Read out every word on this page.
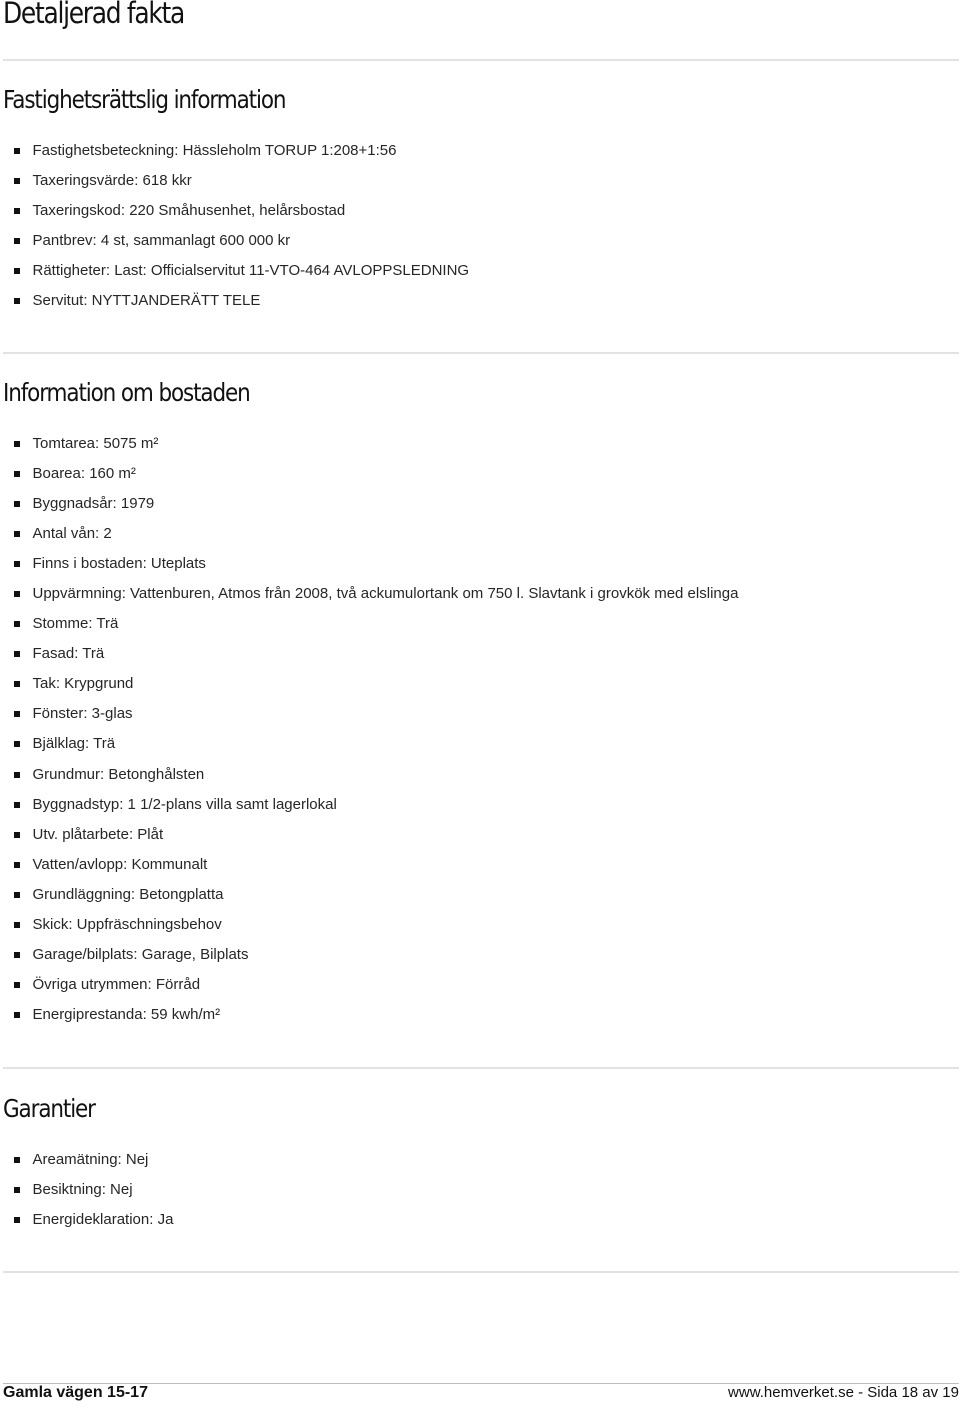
Detaljerad fakta
Fastighetsrättslig information
Fastighetsbeteckning: Hässleholm TORUP 1:208+1:56
Taxeringsvärde: 618 kkr
Taxeringskod: 220 Småhusenhet, helårsbostad
Pantbrev: 4 st, sammanlagt 600 000 kr
Rättigheter: Last: Officialservitut 11-VTO-464 AVLOPPSLEDNING
Servitut: NYTTJANDERÄTT TELE
Information om bostaden
Tomtarea: 5075 m²
Boarea: 160 m²
Byggnadsår: 1979
Antal vån: 2
Finns i bostaden: Uteplats
Uppvärmning: Vattenburen, Atmos från 2008, två ackumulortank om 750 l. Slavtank i grovkök med elslinga
Stomme: Trä
Fasad: Trä
Tak: Krypgrund
Fönster: 3-glas
Bjälklag: Trä
Grundmur: Betonghålsten
Byggnadstyp: 1 1/2-plans villa samt lagerlokal
Utv. plåtarbete: Plåt
Vatten/avlopp: Kommunalt
Grundläggning: Betongplatta
Skick: Uppfräschningsbehov
Garage/bilplats: Garage, Bilplats
Övriga utrymmen: Förråd
Energiprestanda: 59 kwh/m²
Garantier
Areamätning: Nej
Besiktning: Nej
Energideklaration: Ja
Gamla vägen 15-17	www.hemverket.se - Sida 18 av 19
